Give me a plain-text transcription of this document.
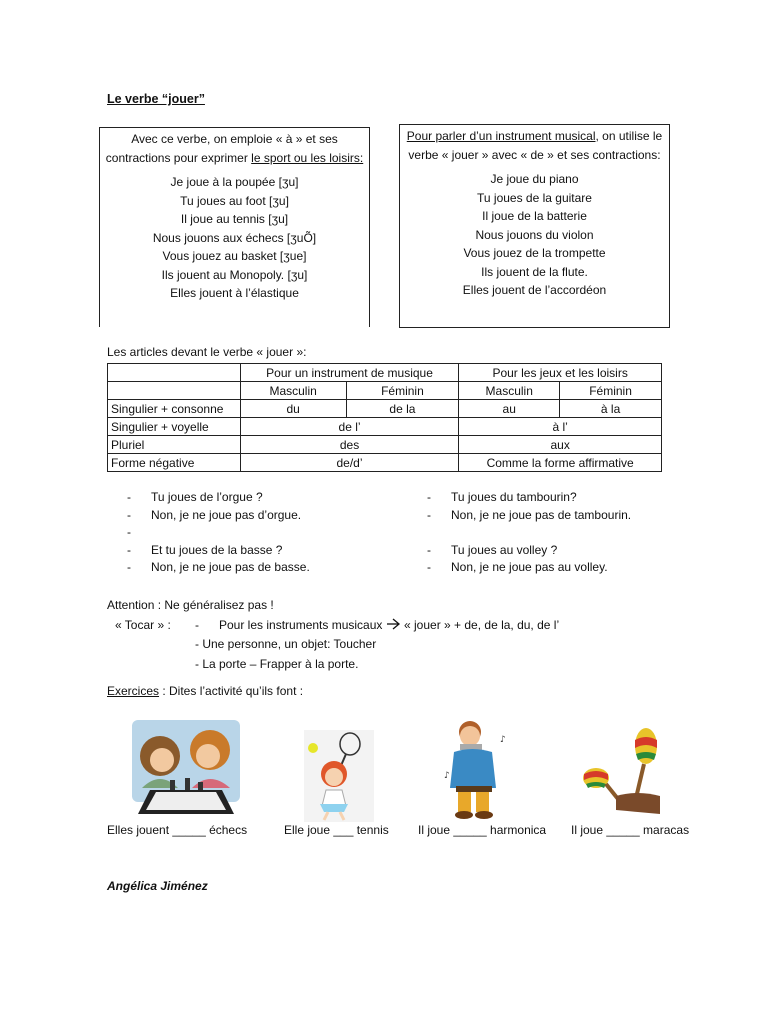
Le verbe “jouer”

Avec ce verbe, on emploie « à » et ses contractions pour exprimer le sport ou les loisirs:

Je joue à la poupée [ʒu]

Tu joues au foot [ʒu]

Il joue au tennis [ʒu]

Nous jouons aux échecs [ʒuÕ]

Vous jouez au basket [ʒue]

Ils jouent au Monopoly. [ʒu]

Elles jouent à l’élastique

Pour parler d’un instrument musical, on utilise le verbe « jouer » avec « de » et ses contractions:

Je joue du piano

Tu joues de la guitare

Il joue de la batterie

Nous jouons du violon

Vous jouez de la trompette

Ils jouent de la flute.

Elles jouent de l’accordéon

Les articles devant le verbe « jouer »:
	Pour un instrument de musique		Pour les jeux et les loisirs	
	Masculin	Féminin	Masculin	Féminin
Singulier + consonne	du	de la	au	à la
Singulier + voyelle	de l’		à l’	
Pluriel	des		aux	
Forme négative	de/d’		Comme la forme affirmative	
-	Tu joues de l’orgue ?
-	Non, je ne joue pas d’orgue.
-
-	Et tu joues de la basse ?
-	Non, je ne joue pas de basse.
-	Tu joues du tambourin?
-	Non, je ne joue pas de tambourin.
-	Tu joues au volley ?
-	Non, je ne joue pas au volley.
Attention : Ne généralisez pas !
« Tocar » : - Pour les instruments musicaux « jouer » + de, de la, du, de l’
- Une personne, un objet: Toucher
- La porte – Frapper à la porte.
Exercices : Dites l’activité qu’ils font :
♪
♪
Elles jouent _____ échecs	Elle joue ___ tennis Il joue _____ harmonica Il joue _____ maracas
Angélica Jiménez
